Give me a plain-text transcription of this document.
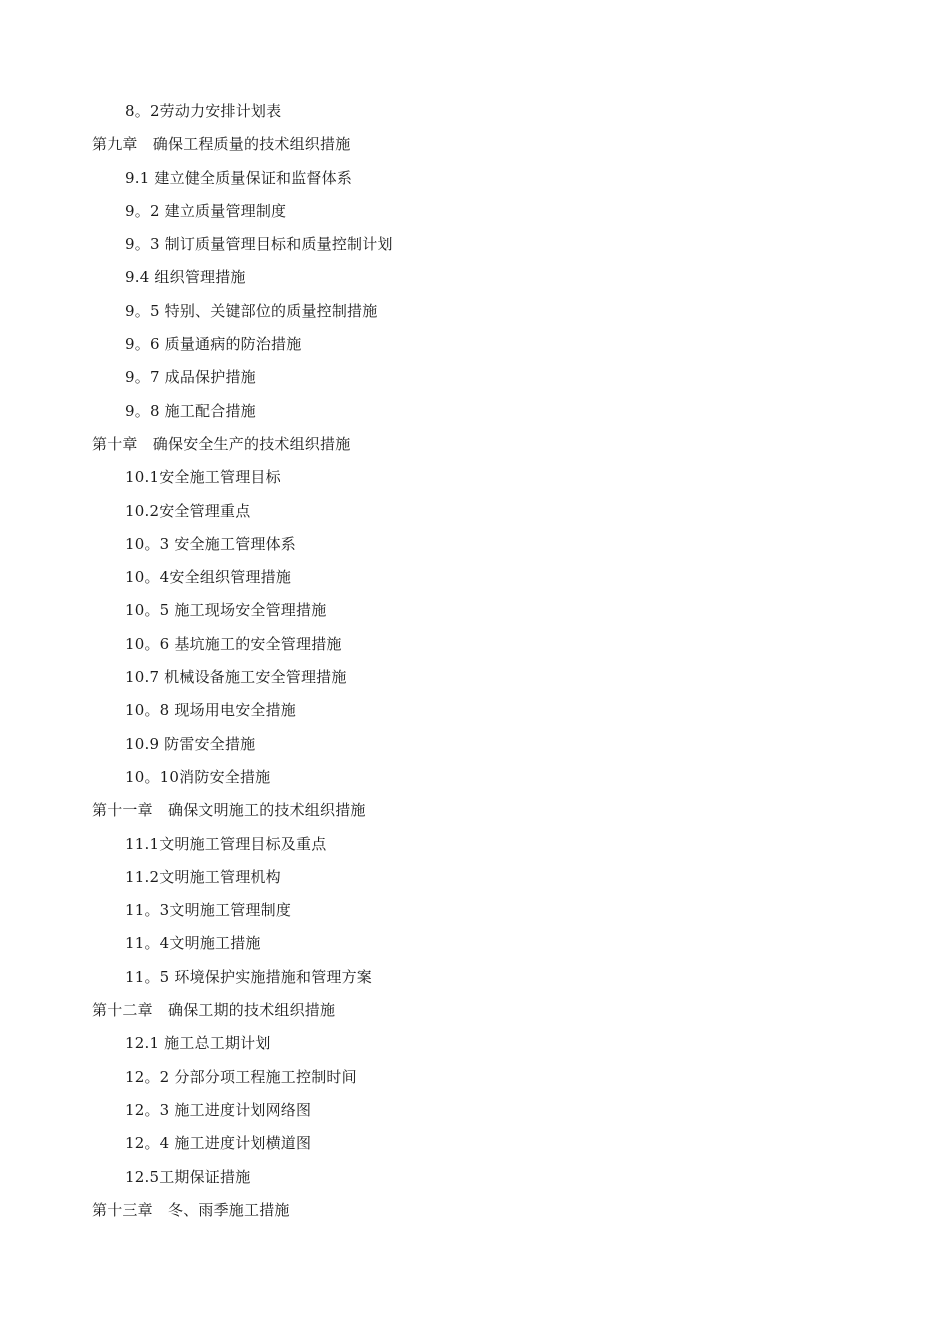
8。2劳动力安排计划表
第九章　确保工程质量的技术组织措施
9.1 建立健全质量保证和监督体系
9。2 建立质量管理制度
9。3 制订质量管理目标和质量控制计划
9.4 组织管理措施
9。5 特别、关键部位的质量控制措施
9。6 质量通病的防治措施
9。7 成品保护措施
9。8 施工配合措施
第十章　确保安全生产的技术组织措施
10.1安全施工管理目标
10.2安全管理重点
10。3 安全施工管理体系
10。4安全组织管理措施
10。5 施工现场安全管理措施
10。6 基坑施工的安全管理措施
10.7 机械设备施工安全管理措施
10。8 现场用电安全措施
10.9 防雷安全措施
10。10消防安全措施
第十一章　确保文明施工的技术组织措施
11.1文明施工管理目标及重点
11.2文明施工管理机构
11。3文明施工管理制度
11。4文明施工措施
11。5 环境保护实施措施和管理方案
第十二章　确保工期的技术组织措施
12.1 施工总工期计划
12。2 分部分项工程施工控制时间
12。3 施工进度计划网络图
12。4 施工进度计划横道图
12.5工期保证措施
第十三章　冬、雨季施工措施
